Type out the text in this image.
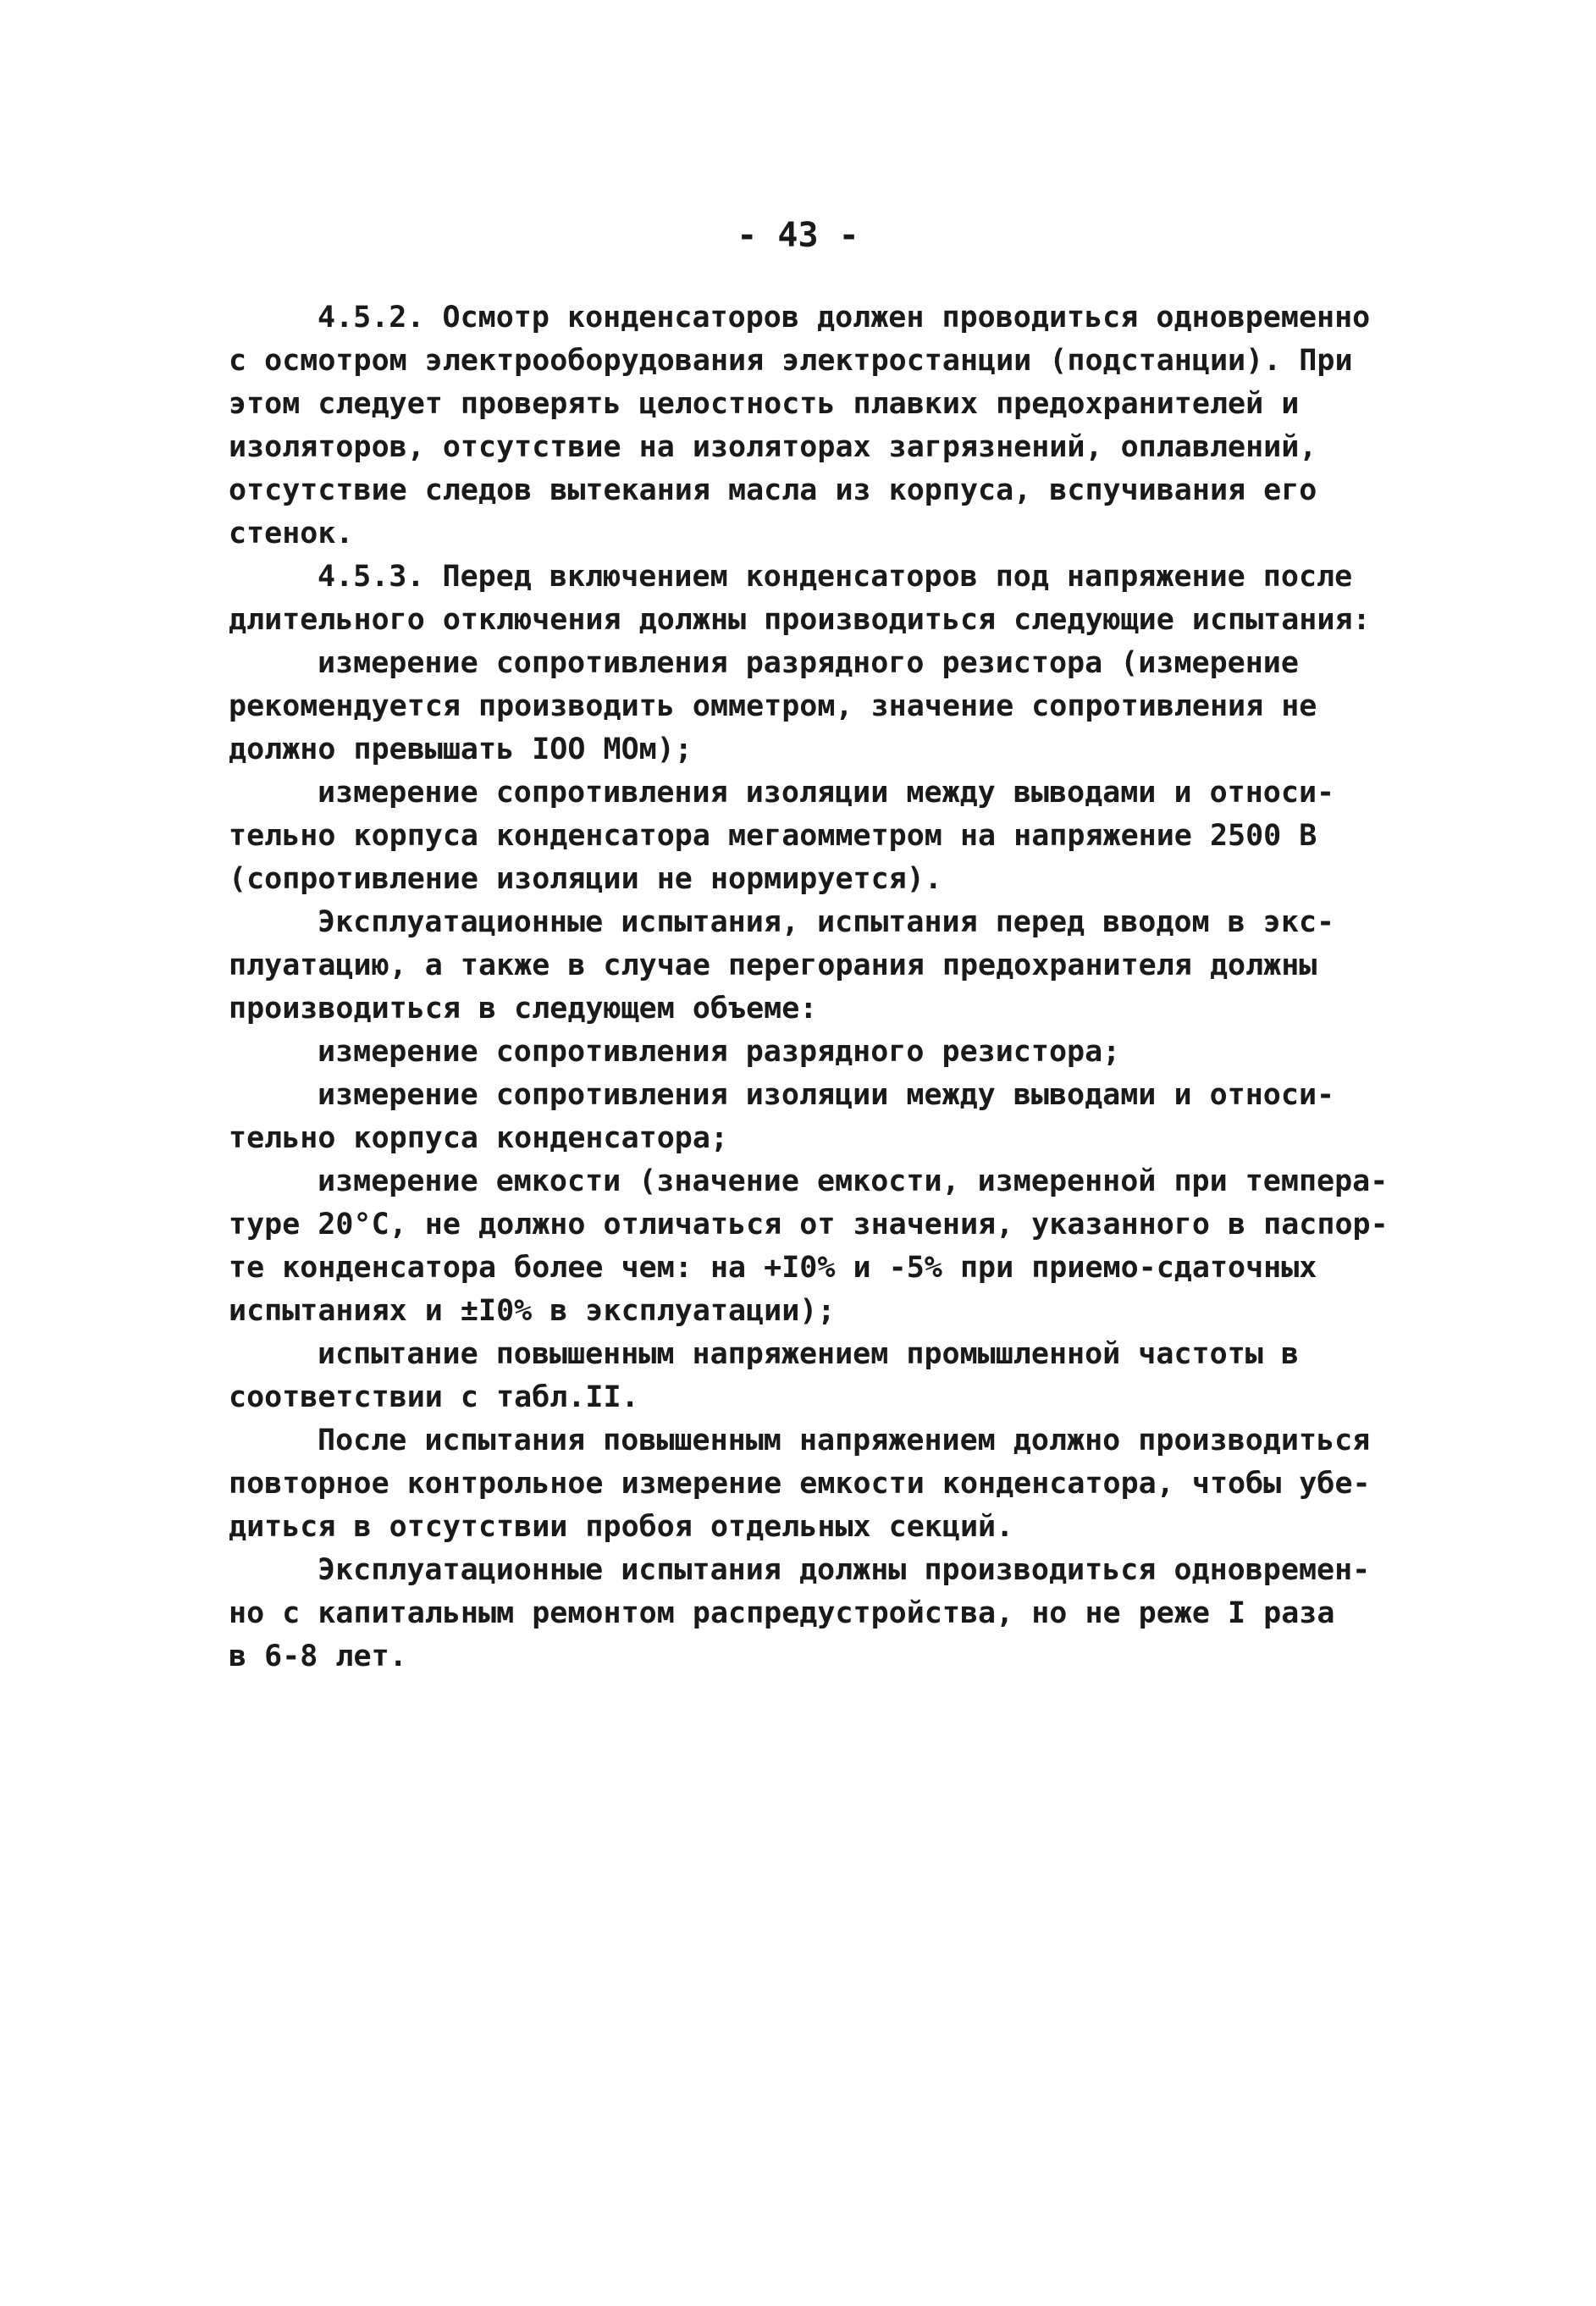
- 43 -
4.5.2. Осмотр конденсаторов должен проводиться одновременно
с осмотром электрооборудования электростанции (подстанции). При
этом следует проверять целостность плавких предохранителей и
изоляторов, отсутствие на изоляторах загрязнений, оплавлений,
отсутствие следов вытекания масла из корпуса, вспучивания его
стенок.
4.5.3. Перед включением конденсаторов под напряжение после
длительного отключения должны производиться следующие испытания:
измерение сопротивления разрядного резистора (измерение
рекомендуется производить омметром, значение сопротивления не
должно превышать IOO MОм);
измерение сопротивления изоляции между выводами и относи-
тельно корпуса конденсатора мегаомметром на напряжение 2500 В
(сопротивление изоляции не нормируется).
Эксплуатационные испытания, испытания перед вводом в экс-
плуатацию, а также в случае перегорания предохранителя должны
производиться в следующем объеме:
измерение сопротивления разрядного резистора;
измерение сопротивления изоляции между выводами и относи-
тельно корпуса конденсатора;
измерение емкости (значение емкости, измеренной при темпера-
туре 20°С, не должно отличаться от значения, указанного в паспор-
те конденсатора более чем: на +I0% и -5% при приемо-сдаточных
испытаниях и ±I0% в эксплуатации);
испытание повышенным напряжением промышленной частоты в
соответствии с табл.II.
После испытания повышенным напряжением должно производиться
повторное контрольное измерение емкости конденсатора, чтобы убе-
диться в отсутствии пробоя отдельных секций.
Эксплуатационные испытания должны производиться одновремен-
но с капитальным ремонтом распредустройства, но не реже I раза
в 6-8 лет.
